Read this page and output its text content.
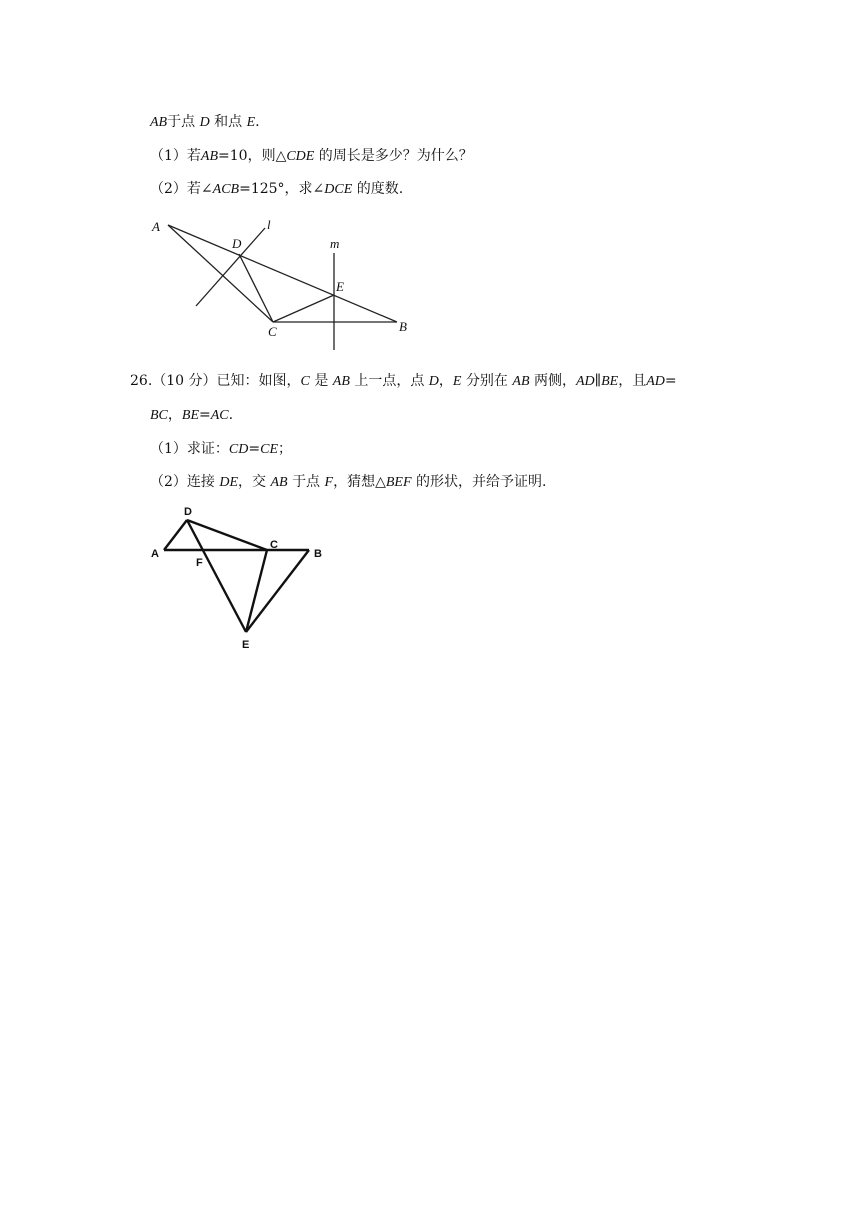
AB于点 D 和点 E.
（1）若AB=10，则△CDE 的周长是多少？为什么？
（2）若∠ACB=125°，求∠DCE 的度数.
A
D
l
m
E
C	B
26.（10 分）已知：如图，C 是 AB 上一点，点 D，E 分别在 AB 两侧，AD∥BE，且AD=
BC，BE=AC.
（1）求证：CD=CE；
（2）连接 DE，交 AB 于点 F，猜想△BEF 的形状，并给予证明.
D
A
F
C
B
E
